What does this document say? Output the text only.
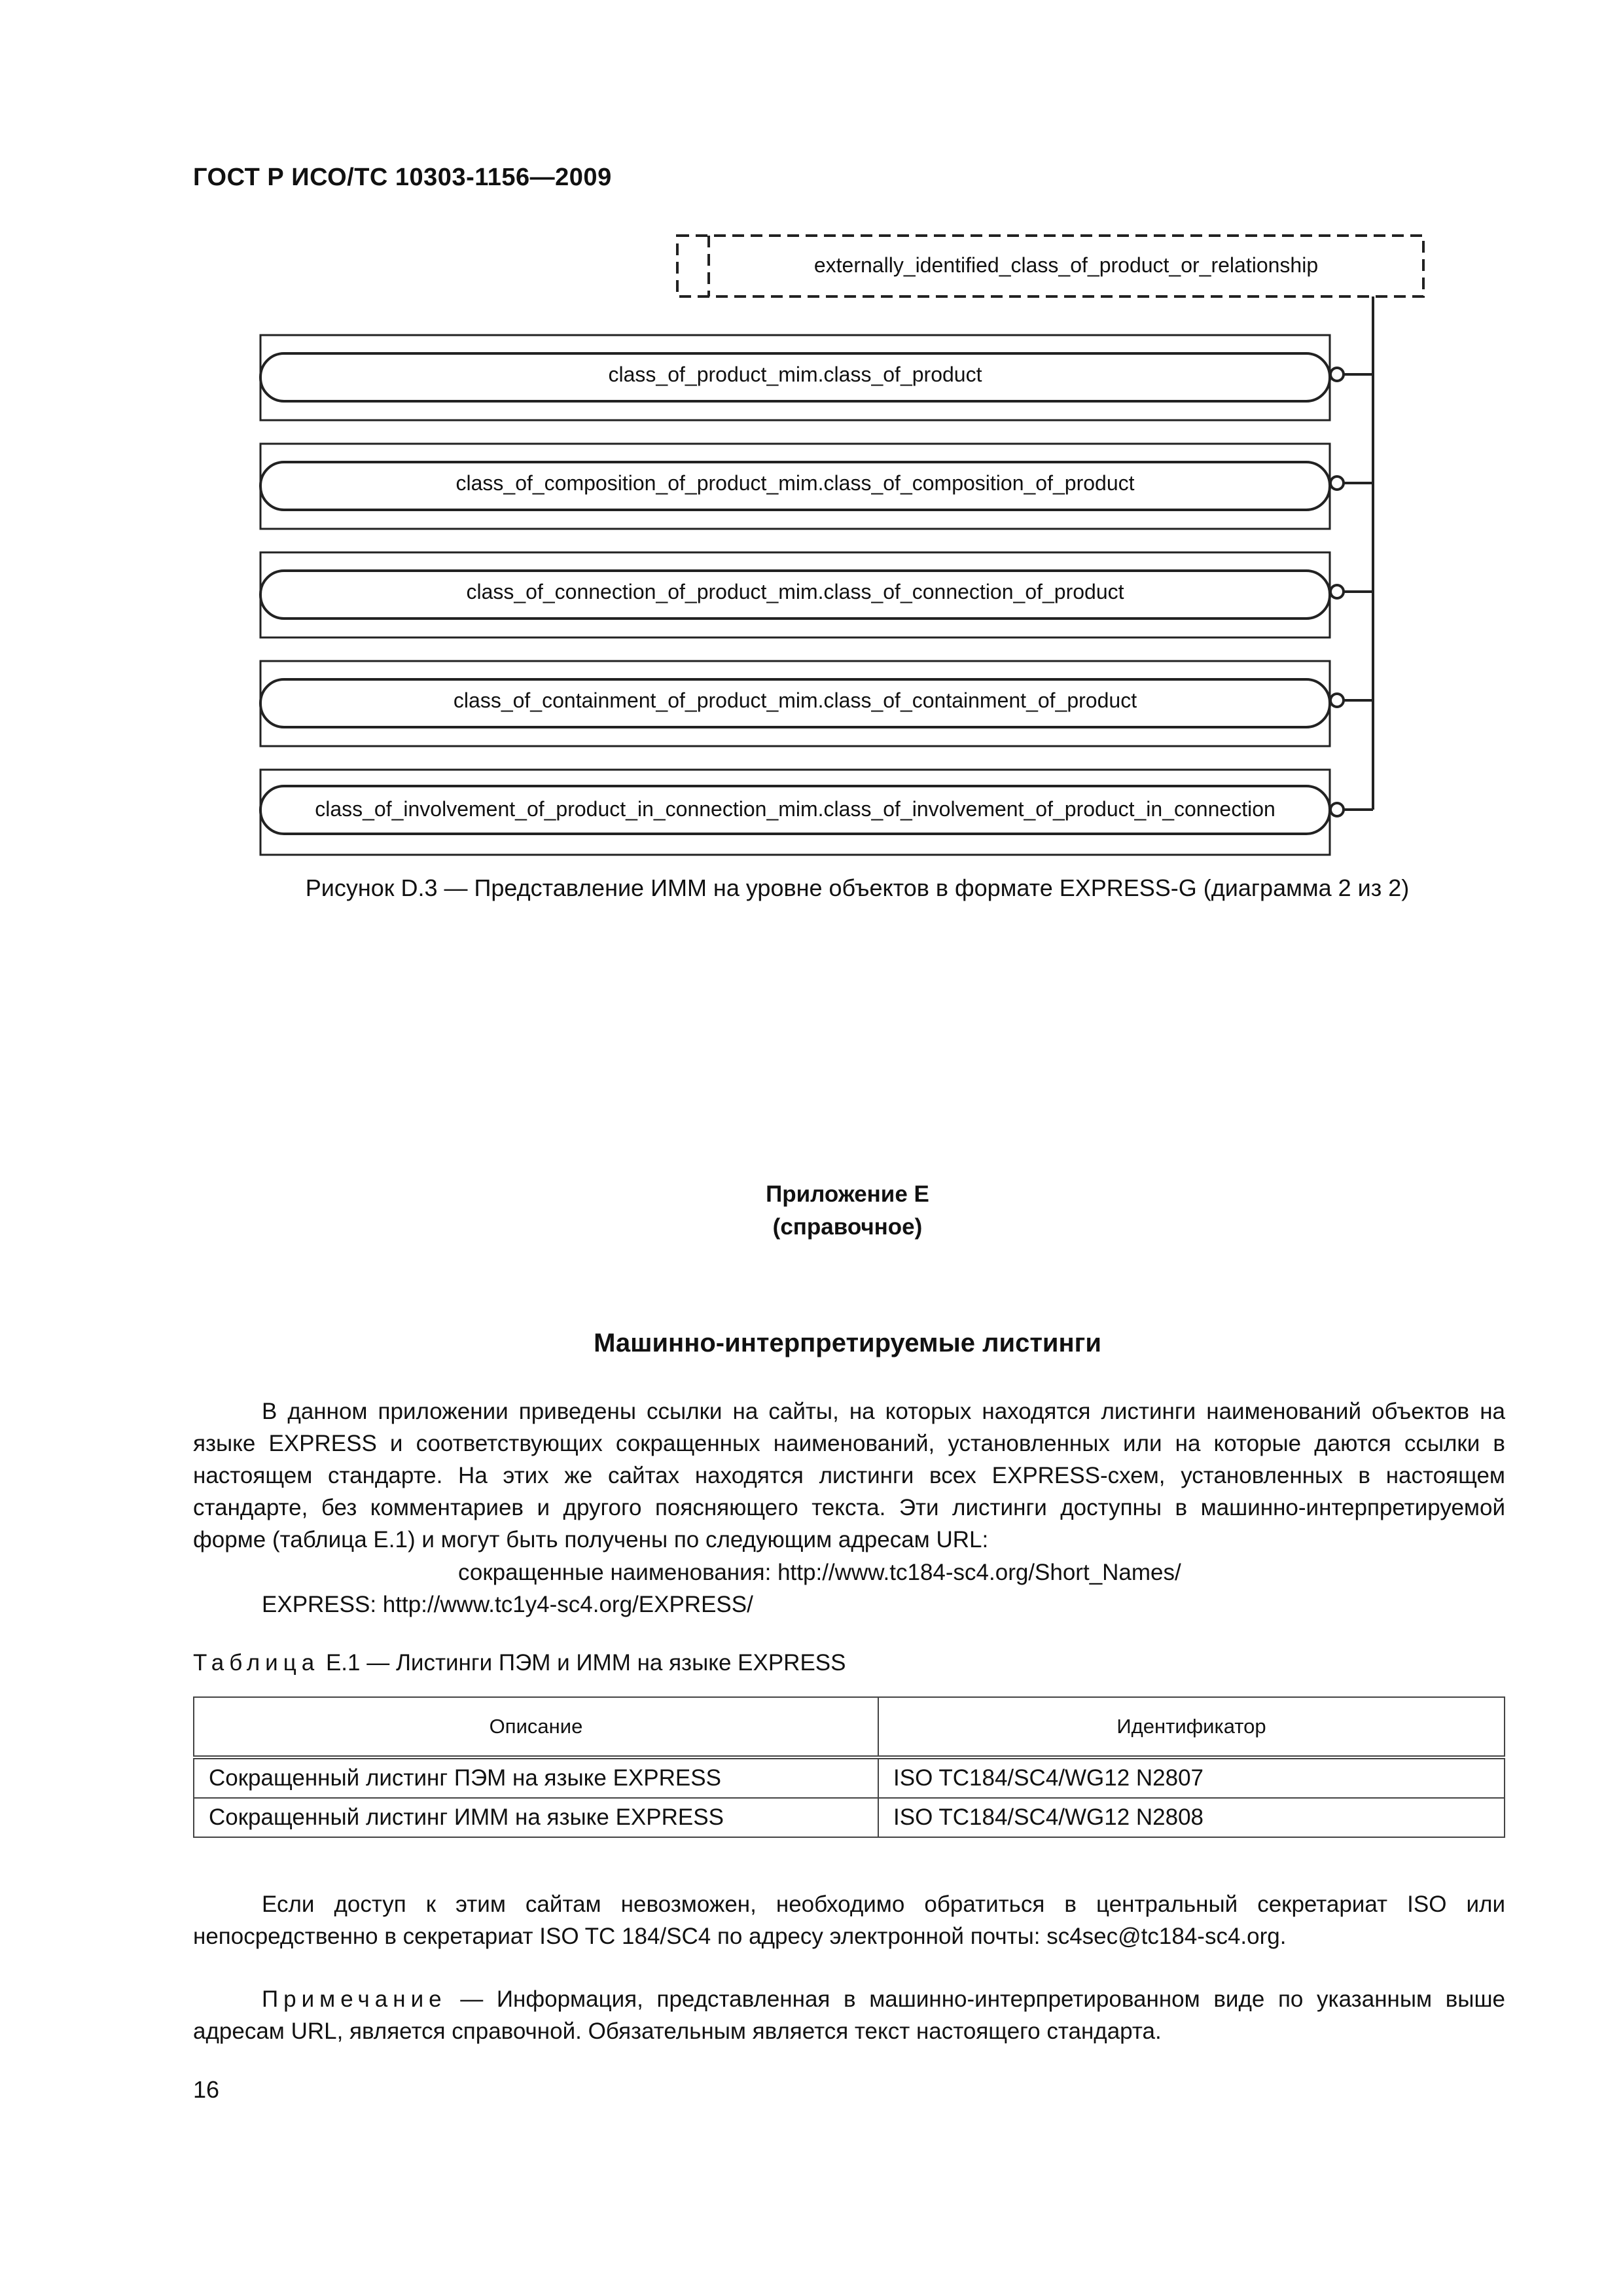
ГОСТ Р ИСО/ТС 10303-1156—2009
externally_identified_class_of_product_or_relationship
class_of_product_mim.class_of_product
class_of_composition_of_product_mim.class_of_composition_of_product
class_of_connection_of_product_mim.class_of_connection_of_product
class_of_containment_of_product_mim.class_of_containment_of_product
class_of_involvement_of_product_in_connection_mim.class_of_involvement_of_product_in_connection
Рисунок D.3 — Представление ИММ на уровне объектов в формате EXPRESS-G (диаграмма 2 из 2)
Приложение Е
(справочное)
Машинно-интерпретируемые листинги

В данном приложении приведены ссылки на сайты, на которых находятся листинги наименований объектов на языке EXPRESS и соответствующих сокращенных наименований, установленных или на которые даются ссылки в настоящем стандарте. На этих же сайтах находятся листинги всех EXPRESS-схем, установленных в настоящем стандарте, без комментариев и другого поясняющего текста. Эти листинги доступны в машинно-интерпретируемой форме (таблица Е.1) и могут быть получены по следующим адресам URL:

сокращенные наименования: http://www.tc184-sc4.org/Short_Names/
EXPRESS: http://www.tc1y4-sc4.org/EXPRESS/
Таблица Е.1 — Листинги ПЭМ и ИММ на языке EXPRESS
Описание	Идентификатор
Сокращенный листинг ПЭМ на языке EXPRESS	ISO TC184/SC4/WG12 N2807
Сокращенный листинг ИММ на языке EXPRESS	ISO TC184/SC4/WG12 N2808

Если доступ к этим сайтам невозможен, необходимо обратиться в центральный секретариат ISO или непосредственно в секретариат ISO TC 184/SC4 по адресу электронной почты: sc4sec@tc184-sc4.org.

Примечание — Информация, представленная в машинно-интерпретированном виде по указанным выше адресам URL, является справочной. Обязательным является текст настоящего стандарта.

16
